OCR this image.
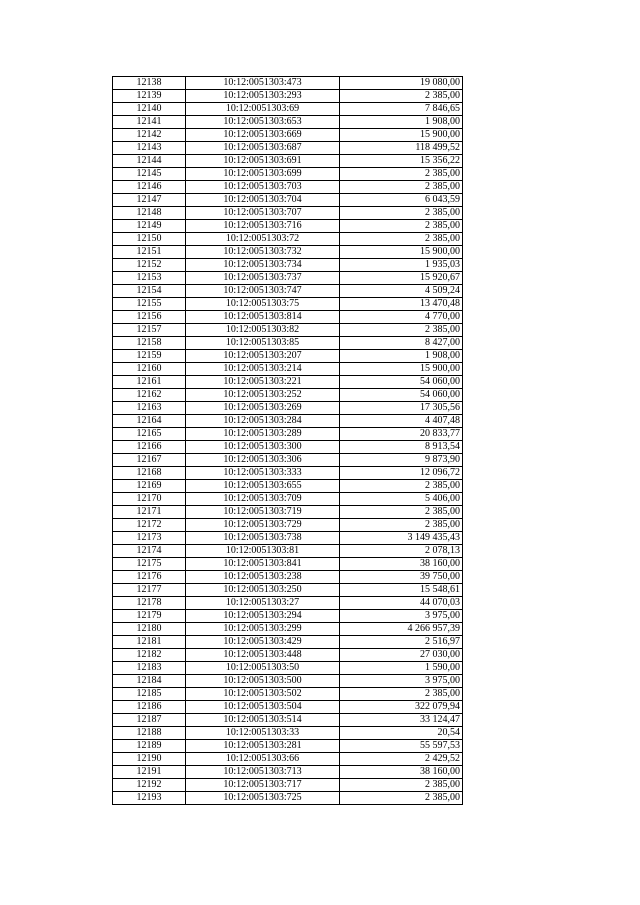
12138	10:12:0051303:473	19 080,00
12139	10:12:0051303:293	2 385,00
12140	10:12:0051303:69	7 846,65
12141	10:12:0051303:653	1 908,00
12142	10:12:0051303:669	15 900,00
12143	10:12:0051303:687	118 499,52
12144	10:12:0051303:691	15 356,22
12145	10:12:0051303:699	2 385,00
12146	10:12:0051303:703	2 385,00
12147	10:12:0051303:704	6 043,59
12148	10:12:0051303:707	2 385,00
12149	10:12:0051303:716	2 385,00
12150	10:12:0051303:72	2 385,00
12151	10:12:0051303:732	15 900,00
12152	10:12:0051303:734	1 935,03
12153	10:12:0051303:737	15 920,67
12154	10:12:0051303:747	4 509,24
12155	10:12:0051303:75	13 470,48
12156	10:12:0051303:814	4 770,00
12157	10:12:0051303:82	2 385,00
12158	10:12:0051303:85	8 427,00
12159	10:12:0051303:207	1 908,00
12160	10:12:0051303:214	15 900,00
12161	10:12:0051303:221	54 060,00
12162	10:12:0051303:252	54 060,00
12163	10:12:0051303:269	17 305,56
12164	10:12:0051303:284	4 407,48
12165	10:12:0051303:289	20 833,77
12166	10:12:0051303:300	8 913,54
12167	10:12:0051303:306	9 873,90
12168	10:12:0051303:333	12 096,72
12169	10:12:0051303:655	2 385,00
12170	10:12:0051303:709	5 406,00
12171	10:12:0051303:719	2 385,00
12172	10:12:0051303:729	2 385,00
12173	10:12:0051303:738	3 149 435,43
12174	10:12:0051303:81	2 078,13
12175	10:12:0051303:841	38 160,00
12176	10:12:0051303:238	39 750,00
12177	10:12:0051303:250	15 548,61
12178	10:12:0051303:27	44 070,03
12179	10:12:0051303:294	3 975,00
12180	10:12:0051303:299	4 266 957,39
12181	10:12:0051303:429	2 516,97
12182	10:12:0051303:448	27 030,00
12183	10:12:0051303:50	1 590,00
12184	10:12:0051303:500	3 975,00
12185	10:12:0051303:502	2 385,00
12186	10:12:0051303:504	322 079,94
12187	10:12:0051303:514	33 124,47
12188	10:12:0051303:33	20,54
12189	10:12:0051303:281	55 597,53
12190	10:12:0051303:66	2 429,52
12191	10:12:0051303:713	38 160,00
12192	10:12:0051303:717	2 385,00
12193	10:12:0051303:725	2 385,00
